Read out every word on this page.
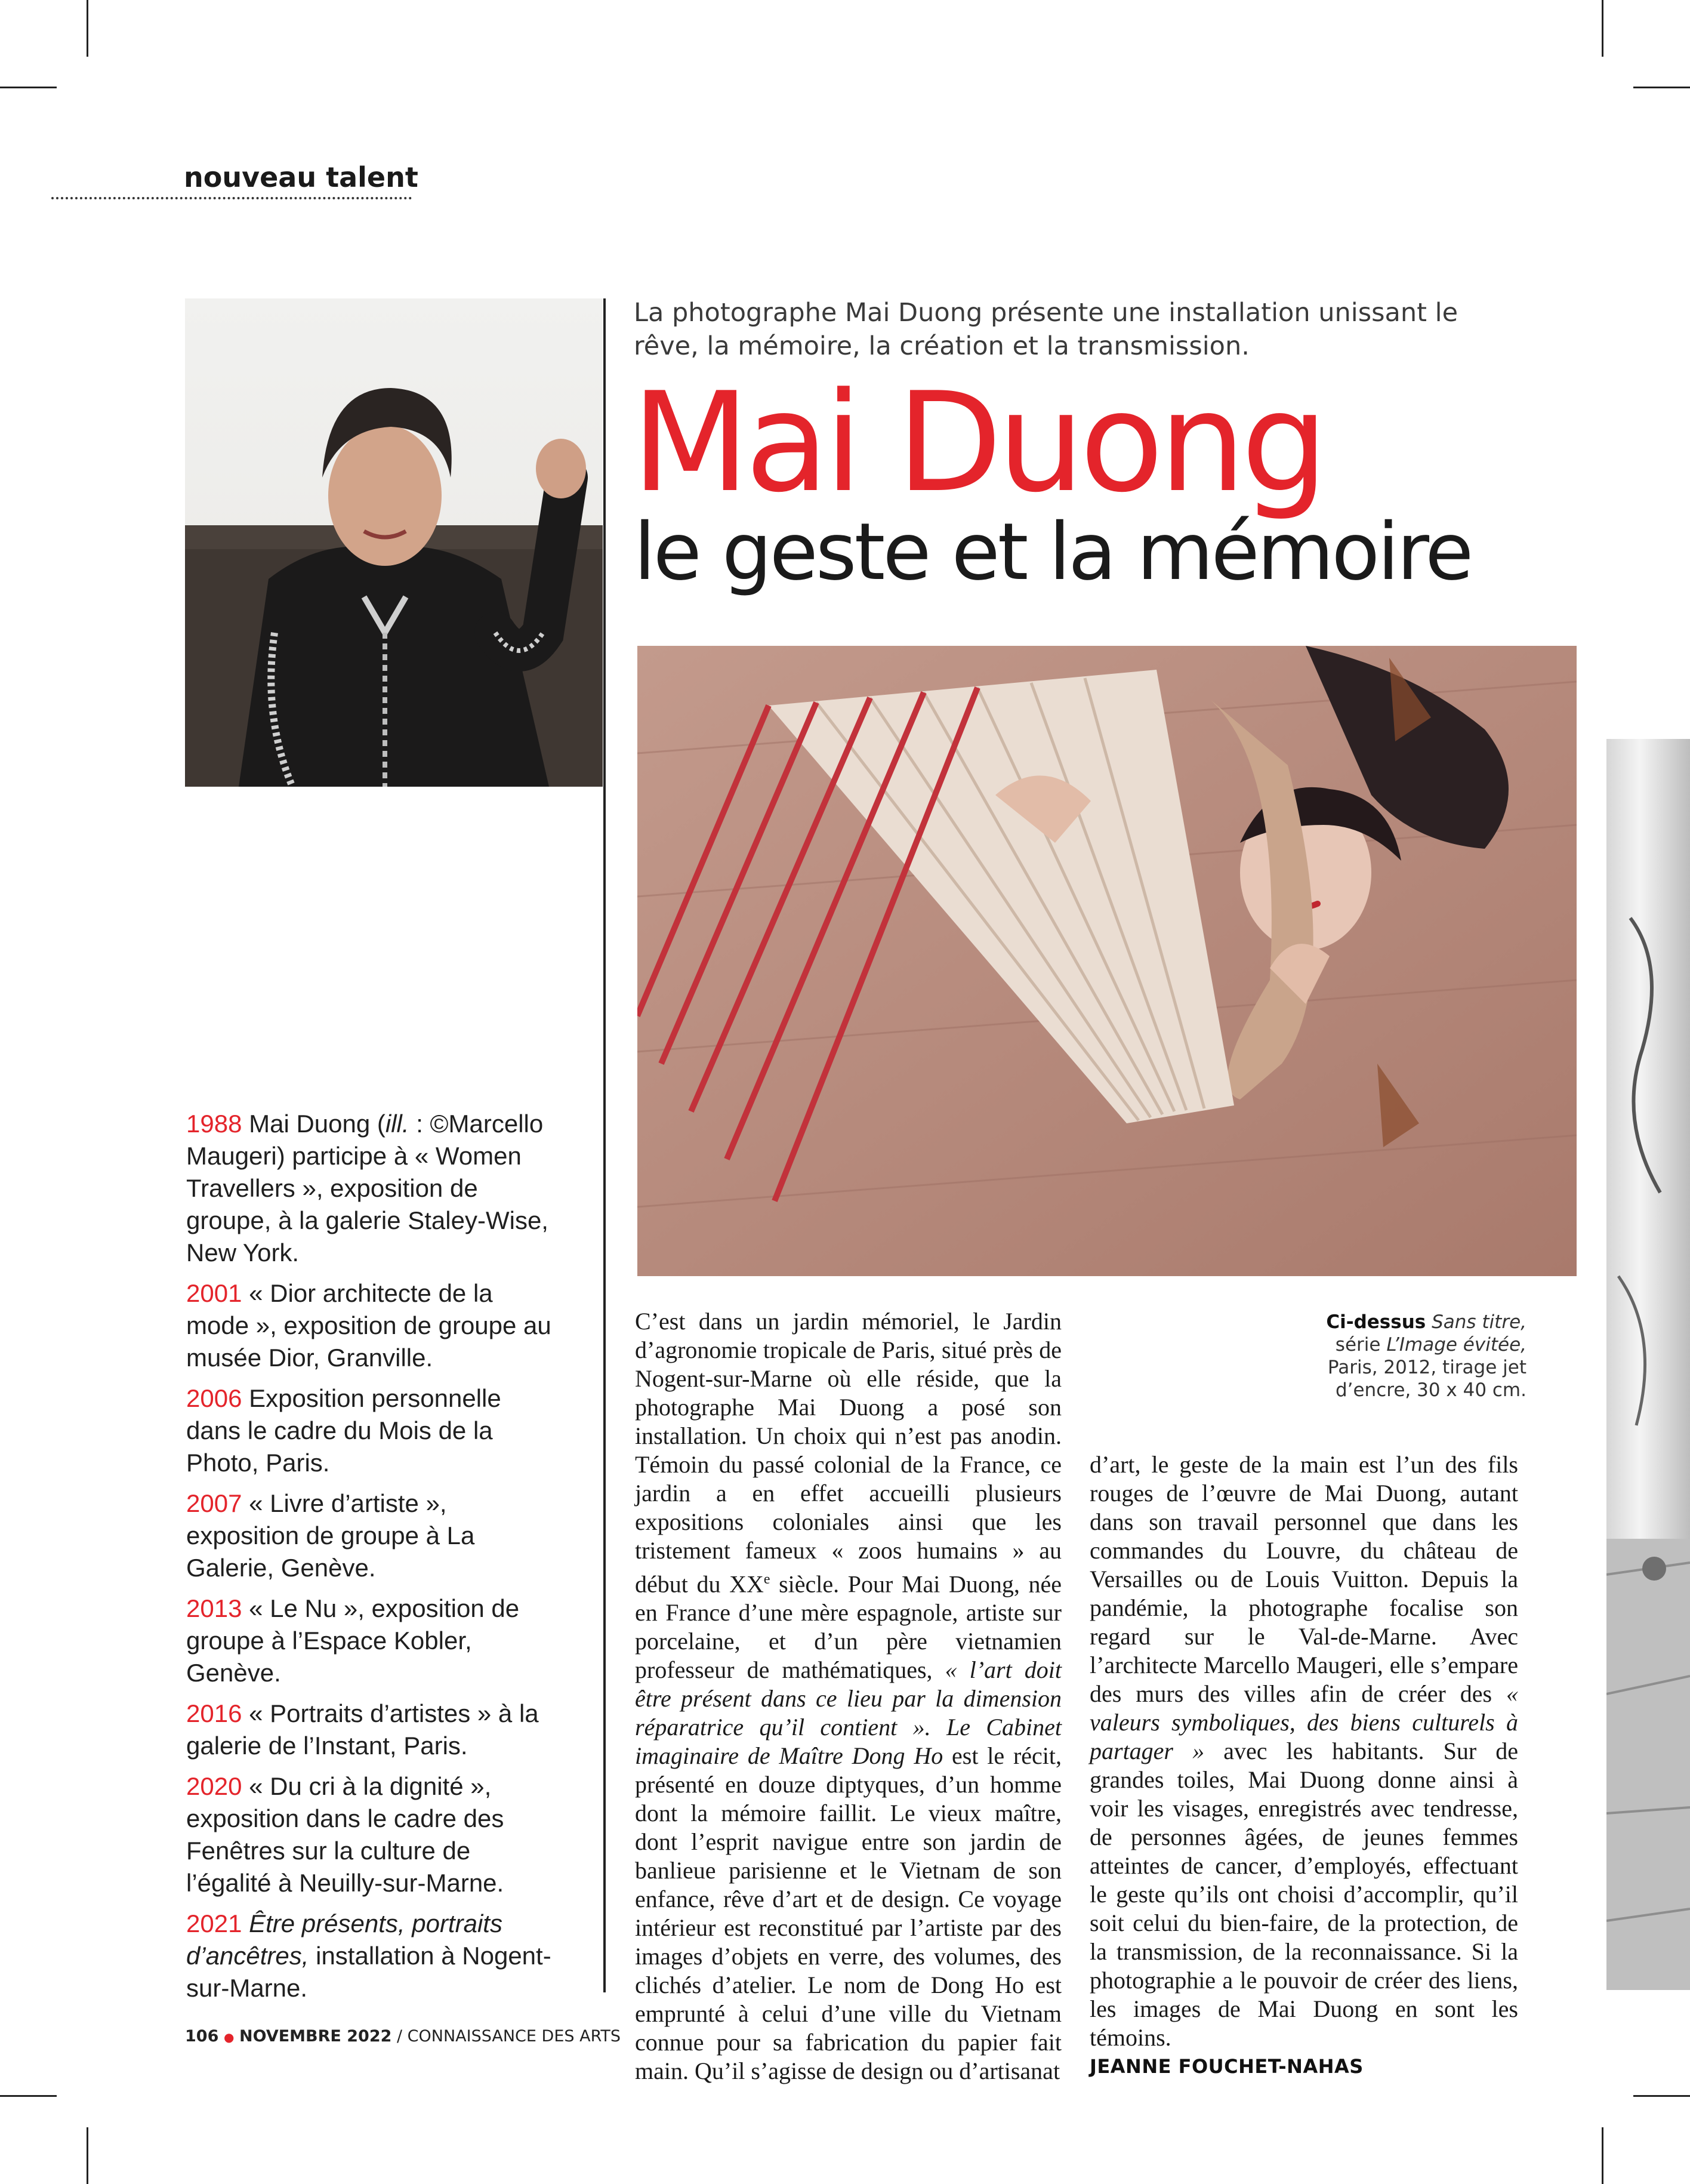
nouveau talent
La photographe Mai Duong présente une installation unissant le rêve, la mémoire, la création et la transmission.
Mai Duong
le geste et la mémoire
1988 Mai Duong (ill. : ©Marcello Maugeri) participe à « Women Travellers », exposition de groupe, à la galerie Staley-Wise, New York.
2001 « Dior architecte de la mode », exposition de groupe au musée Dior, Granville.
2006 Exposition personnelle dans le cadre du Mois de la Photo, Paris.
2007 « Livre d’artiste », exposition de groupe à La Galerie, Genève.
2013 « Le Nu », exposition de groupe à l’Espace Kobler, Genève.
2016 « Portraits d’artistes » à la galerie de l’Instant, Paris.
2020 « Du cri à la dignité », exposition dans le cadre des Fenêtres sur la culture de l’égalité à Neuilly-sur-Marne.
2021 Être présents, portraits d’ancêtres, installation à Nogent-sur-Marne.
Ci-dessus Sans titre, série L’Image évitée, Paris, 2012, tirage jet d’encre, 30 x 40 cm.
C’est dans un jardin mémoriel, le Jardin d’agronomie tropicale de Paris, situé près de Nogent-sur-Marne où elle réside, que la photographe Mai Duong a posé son installation. Un choix qui n’est pas anodin. Témoin du passé colonial de la France, ce jardin a en effet accueilli plusieurs expositions coloniales ainsi que les tristement fameux « zoos humains » au début du XXe siècle. Pour Mai Duong, née en France d’une mère espagnole, artiste sur porcelaine, et d’un père vietnamien professeur de mathématiques, « l’art doit être présent dans ce lieu par la dimension réparatrice qu’il contient ». Le Cabinet imaginaire de Maître Dong Ho est le récit, présenté en douze diptyques, d’un homme dont la mémoire faillit. Le vieux maître, dont l’esprit navigue entre son jardin de banlieue parisienne et le Vietnam de son enfance, rêve d’art et de design. Ce voyage intérieur est reconstitué par l’artiste par des images d’objets en verre, des volumes, des clichés d’atelier. Le nom de Dong Ho est emprunté à celui d’une ville du Vietnam connue pour sa fabrication du papier fait main. Qu’il s’agisse de design ou d’artisanat
d’art, le geste de la main est l’un des fils rouges de l’œuvre de Mai Duong, autant dans son travail personnel que dans les commandes du Louvre, du château de Versailles ou de Louis Vuitton. Depuis la pandémie, la photographe focalise son regard sur le Val-de-Marne. Avec l’architecte Marcello Maugeri, elle s’empare des murs des villes afin de créer des « valeurs symboliques, des biens culturels à partager » avec les habitants. Sur de grandes toiles, Mai Duong donne ainsi à voir les visages, enregistrés avec tendresse, de personnes âgées, de jeunes femmes atteintes de cancer, d’employés, effectuant le geste qu’ils ont choisi d’accomplir, qu’il soit celui du bien-faire, de la protection, de la transmission, de la reconnaissance. Si la photographie a le pouvoir de créer des liens, les images de Mai Duong en sont les témoins.
JEANNE FOUCHET-NAHAS
106 ● NOVEMBRE 2022 / CONNAISSANCE DES ARTS
